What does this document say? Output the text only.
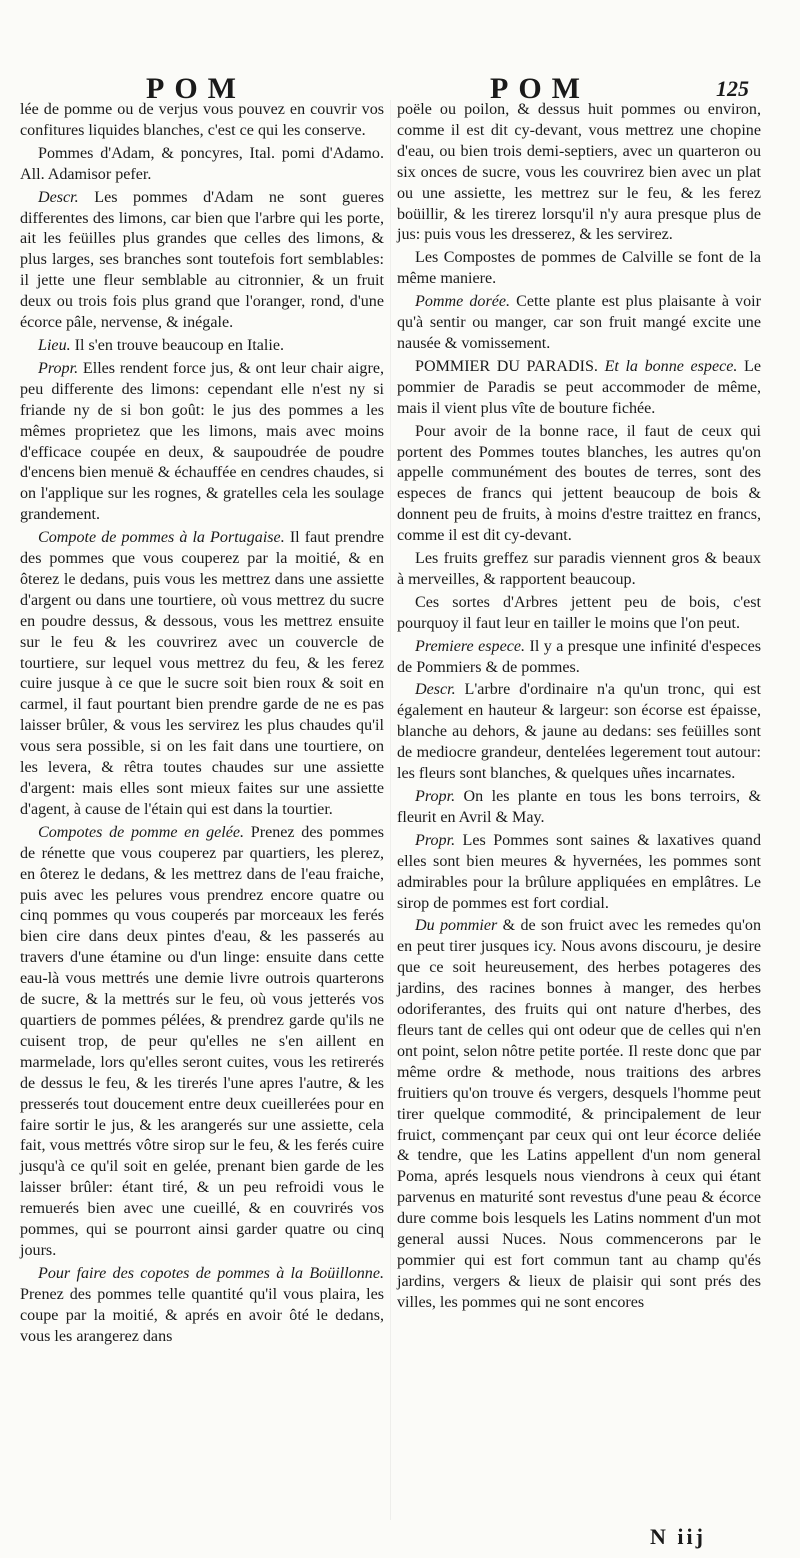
POM	POM	125

lée de pomme ou de verjus vous pouvez en couvrir vos confitures liquides blanches, c'est ce qui les conserve.

Pommes d'Adam, & poncyres, Ital. pomi d'Adamo. All. Adamisor pefer.

Descr. Les pommes d'Adam ne sont gueres differentes des limons, car bien que l'arbre qui les porte, ait les feüilles plus grandes que celles des limons, & plus larges, ses branches sont toutefois fort semblables: il jette une fleur semblable au citronnier, & un fruit deux ou trois fois plus grand que l'oranger, rond, d'une écorce pâle, nervense, & inégale.

Lieu. Il s'en trouve beaucoup en Italie.

Propr. Elles rendent force jus, & ont leur chair aigre, peu differente des limons: cependant elle n'est ny si friande ny de si bon goût: le jus des pommes a les mêmes proprietez que les limons, mais avec moins d'efficace coupée en deux, & saupoudrée de poudre d'encens bien menuë & échauffée en cendres chaudes, si on l'applique sur les rognes, & gratelles cela les soulage grandement.

Compote de pommes à la Portugaise. Il faut prendre des pommes que vous couperez par la moitié, & en ôterez le dedans, puis vous les mettrez dans une assiette d'argent ou dans une tourtiere, où vous mettrez du sucre en poudre dessus, & dessous, vous les mettrez ensuite sur le feu & les couvrirez avec un couvercle de tourtiere, sur lequel vous mettrez du feu, & les ferez cuire jusque à ce que le sucre soit bien roux & soit en carmel, il faut pourtant bien prendre garde de ne es pas laisser brûler, & vous les servirez les plus chaudes qu'il vous sera possible, si on les fait dans une tourtiere, on les levera, & rêtra toutes chaudes sur une assiette d'argent: mais elles sont mieux faites sur une assiette d'agent, à cause de l'étain qui est dans la tourtier.

Compotes de pomme en gelée. Prenez des pommes de rénette que vous couperez par quartiers, les plerez, en ôterez le dedans, & les mettrez dans de l'eau fraiche, puis avec les pelures vous prendrez encore quatre ou cinq pommes qu vous couperés par morceaux les ferés bien cire dans deux pintes d'eau, & les passerés au travers d'une étamine ou d'un linge: ensuite dans cette eau-là vous mettrés une demie livre outrois quarterons de sucre, & la mettrés sur le feu, où vous jetterés vos quartiers de pommes pélées, & prendrez garde qu'ils ne cuisent trop, de peur qu'elles ne s'en aillent en marmelade, lors qu'elles seront cuites, vous les retirerés de dessus le feu, & les tirerés l'une apres l'autre, & les presserés tout doucement entre deux cueillerées pour en faire sortir le jus, & les arangerés sur une assiette, cela fait, vous mettrés vôtre sirop sur le feu, & les ferés cuire jusqu'à ce qu'il soit en gelée, prenant bien garde de les laisser brûler: étant tiré, & un peu refroidi vous le remuerés bien avec une cueillé, & en couvrirés vos pommes, qui se pourront ainsi garder quatre ou cinq jours.

Pour faire des copotes de pommes à la Boüillonne. Prenez des pommes telle quantité qu'il vous plaira, les coupe par la moitié, & aprés en avoir ôté le dedans, vous les arangerez dans

poële ou poilon, & dessus huit pommes ou environ, comme il est dit cy-devant, vous mettrez une chopine d'eau, ou bien trois demi-septiers, avec un quarteron ou six onces de sucre, vous les couvrirez bien avec un plat ou une assiette, les mettrez sur le feu, & les ferez boüillir, & les tirerez lorsqu'il n'y aura presque plus de jus: puis vous les dresserez, & les servirez.

Les Compostes de pommes de Calville se font de la même maniere.

Pomme dorée. Cette plante est plus plaisante à voir qu'à sentir ou manger, car son fruit mangé excite une nausée & vomissement.

POMMIER DU PARADIS. Et la bonne espece. Le pommier de Paradis se peut accommoder de même, mais il vient plus vîte de bouture fichée.

Pour avoir de la bonne race, il faut de ceux qui portent des Pommes toutes blanches, les autres qu'on appelle communément des boutes de terres, sont des especes de francs qui jettent beaucoup de bois & donnent peu de fruits, à moins d'estre traittez en francs, comme il est dit cy-devant.

Les fruits greffez sur paradis viennent gros & beaux à merveilles, & rapportent beaucoup.

Ces sortes d'Arbres jettent peu de bois, c'est pourquoy il faut leur en tailler le moins que l'on peut.

Premiere espece. Il y a presque une infinité d'especes de Pommiers & de pommes.

Descr. L'arbre d'ordinaire n'a qu'un tronc, qui est également en hauteur & largeur: son écorse est épaisse, blanche au dehors, & jaune au dedans: ses feüilles sont de mediocre grandeur, dentelées legerement tout autour: les fleurs sont blanches, & quelques uñes incarnates.

Propr. On les plante en tous les bons terroirs, & fleurit en Avril & May.

Propr. Les Pommes sont saines & laxatives quand elles sont bien meures & hyvernées, les pommes sont admirables pour la brûlure appliquées en emplâtres. Le sirop de pommes est fort cordial.

Du pommier & de son fruict avec les remedes qu'on en peut tirer jusques icy. Nous avons discouru, je desire que ce soit heureusement, des herbes potageres des jardins, des racines bonnes à manger, des herbes odoriferantes, des fruits qui ont nature d'herbes, des fleurs tant de celles qui ont odeur que de celles qui n'en ont point, selon nôtre petite portée. Il reste donc que par même ordre & methode, nous traitions des arbres fruitiers qu'on trouve és vergers, desquels l'homme peut tirer quelque commodité, & principalement de leur fruict, commençant par ceux qui ont leur écorce deliée & tendre, que les Latins appellent d'un nom general Poma, aprés lesquels nous viendrons à ceux qui étant parvenus en maturité sont revestus d'une peau & écorce dure comme bois lesquels les Latins nomment d'un mot general aussi Nuces. Nous commencerons par le pommier qui est fort commun tant au champ qu'és jardins, vergers & lieux de plaisir qui sont prés des villes, les pommes qui ne sont encores

N iij
